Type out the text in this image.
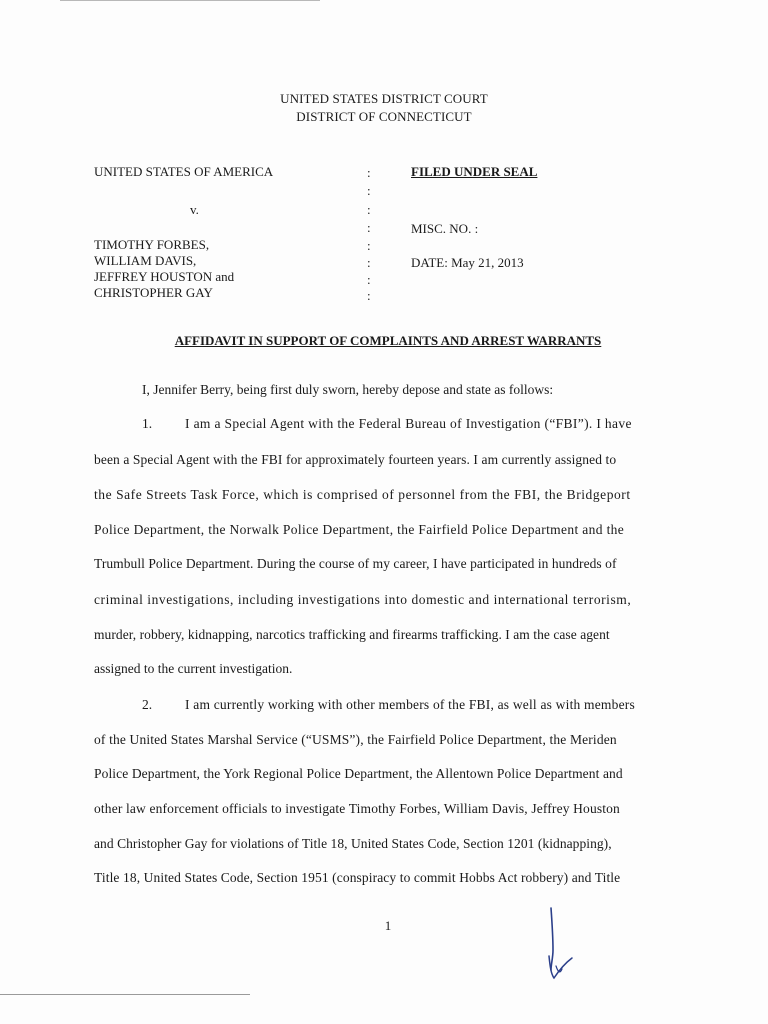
UNITED STATES DISTRICT COURT
DISTRICT OF CONNECTICUT
UNITED STATES OF AMERICA
v.
TIMOTHY FORBES,
WILLIAM DAVIS,
JEFFREY HOUSTON and
CHRISTOPHER GAY
:
:
:
:
:
:
:
:
FILED UNDER SEAL
MISC. NO. :
DATE: May 21, 2013
AFFIDAVIT IN SUPPORT OF COMPLAINTS AND ARREST WARRANTS
I, Jennifer Berry, being first duly sworn, hereby depose and state as follows:
1. I am a Special Agent with the Federal Bureau of Investigation (“FBI”). I have
been a Special Agent with the FBI for approximately fourteen years. I am currently assigned to
the Safe Streets Task Force, which is comprised of personnel from the FBI, the Bridgeport
Police Department, the Norwalk Police Department, the Fairfield Police Department and the
Trumbull Police Department. During the course of my career, I have participated in hundreds of
criminal investigations, including investigations into domestic and international terrorism,
murder, robbery, kidnapping, narcotics trafficking and firearms trafficking. I am the case agent
assigned to the current investigation.
2. I am currently working with other members of the FBI, as well as with members
of the United States Marshal Service (“USMS”), the Fairfield Police Department, the Meriden
Police Department, the York Regional Police Department, the Allentown Police Department and
other law enforcement officials to investigate Timothy Forbes, William Davis, Jeffrey Houston
and Christopher Gay for violations of Title 18, United States Code, Section 1201 (kidnapping),
Title 18, United States Code, Section 1951 (conspiracy to commit Hobbs Act robbery) and Title
1
